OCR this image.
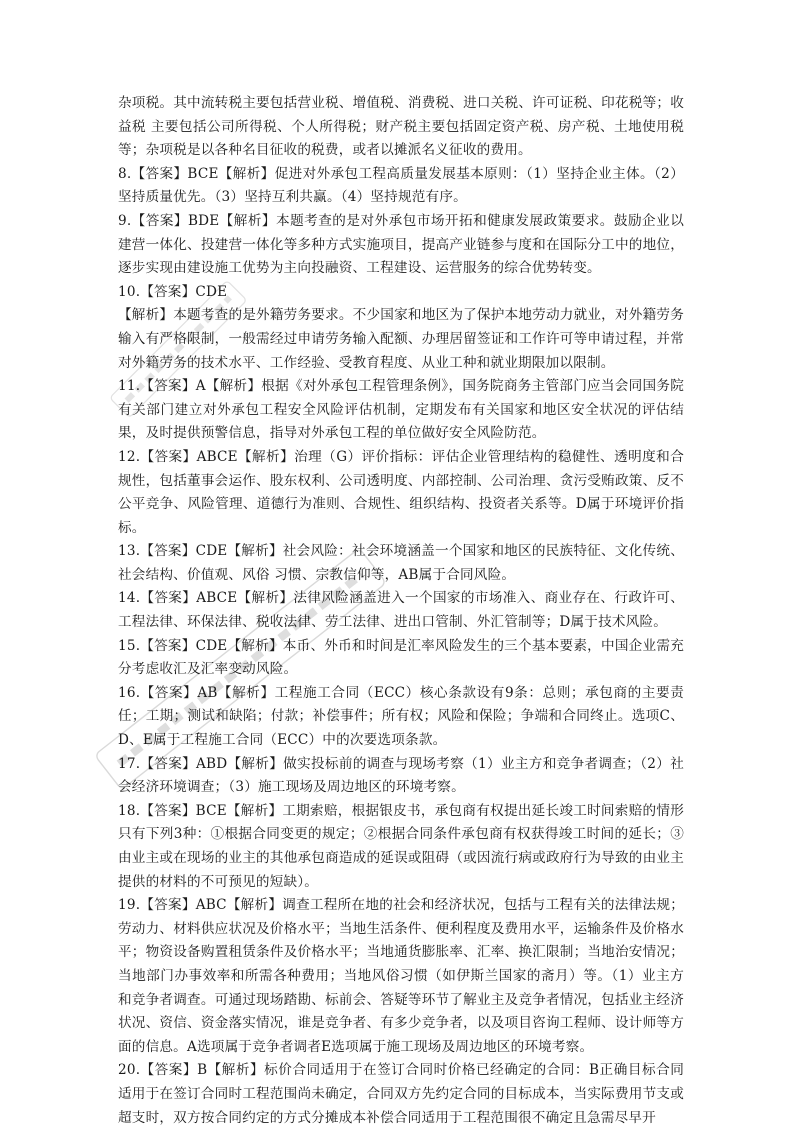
杂项税。其中流转税主要包括营业税、增值税、消费税、进口关税、许可证税、印花税等；收益税 主要包括公司所得税、个人所得税；财产税主要包括固定资产税、房产税、土地使用税等；杂项税是以各种名目征收的税费，或者以摊派名义征收的费用。

8.【答案】BCE【解析】促进对外承包工程高质量发展基本原则：（1）坚持企业主体。（2）坚持质量优先。（3）坚持互利共赢。（4）坚持规范有序。

9.【答案】BDE【解析】本题考查的是对外承包市场开拓和健康发展政策要求。鼓励企业以建营一体化、投建营一体化等多种方式实施项目，提高产业链参与度和在国际分工中的地位，逐步实现由建设施工优势为主向投融资、工程建设、运营服务的综合优势转变。

10.【答案】CDE

【解析】本题考查的是外籍劳务要求。不少国家和地区为了保护本地劳动力就业，对外籍劳务输入有严格限制，一般需经过申请劳务输入配额、办理居留签证和工作许可等申请过程，并常对外籍劳务的技术水平、工作经验、受教育程度、从业工种和就业期限加以限制。

11.【答案】A【解析】根据《对外承包工程管理条例》，国务院商务主管部门应当会同国务院有关部门建立对外承包工程安全风险评估机制，定期发布有关国家和地区安全状况的评估结果，及时提供预警信息，指导对外承包工程的单位做好安全风险防范。

12.【答案】ABCE【解析】治理（G）评价指标：评估企业管理结构的稳健性、透明度和合规性，包括董事会运作、股东权利、公司透明度、内部控制、公司治理、贪污受贿政策、反不公平竞争、风险管理、道德行为准则、合规性、组织结构、投资者关系等。D属于环境评价指标。

13.【答案】CDE【解析】社会风险：社会环境涵盖一个国家和地区的民族特征、文化传统、社会结构、价值观、风俗 习惯、宗教信仰等，AB属于合同风险。

14.【答案】ABCE【解析】法律风险涵盖进入一个国家的市场准入、商业存在、行政许可、工程法律、环保法律、税收法律、劳工法律、进出口管制、外汇管制等；D属于技术风险。

15.【答案】CDE【解析】本币、外币和时间是汇率风险发生的三个基本要素，中国企业需充分考虑收汇及汇率变动风险。

16.【答案】AB【解析】工程施工合同（ECC）核心条款设有9条：总则；承包商的主要责任；工期；测试和缺陷；付款；补偿事件；所有权；风险和保险；争端和合同终止。选项C、D、E属于工程施工合同（ECC）中的次要选项条款。

17.【答案】ABD【解析】做实投标前的调查与现场考察（1）业主方和竞争者调查；（2）社会经济环境调查；（3）施工现场及周边地区的环境考察。

18.【答案】BCE【解析】工期索赔，根据银皮书，承包商有权提出延长竣工时间索赔的情形只有下列3种：①根据合同变更的规定；②根据合同条件承包商有权获得竣工时间的延长；③由业主或在现场的业主的其他承包商造成的延误或阻碍（或因流行病或政府行为导致的由业主提供的材料的不可预见的短缺）。

19.【答案】ABC【解析】调查工程所在地的社会和经济状况，包括与工程有关的法律法规；劳动力、材料供应状况及价格水平；当地生活条件、便利程度及费用水平，运输条件及价格水平；物资设备购置租赁条件及价格水平；当地通货膨胀率、汇率、换汇限制；当地治安情况；当地部门办事效率和所需各种费用；当地风俗习惯（如伊斯兰国家的斋月）等。（1）业主方和竞争者调查。可通过现场踏勘、标前会、答疑等环节了解业主及竞争者情况，包括业主经济状况、资信、资金落实情况，谁是竞争者、有多少竞争者，以及项目咨询工程师、设计师等方面的信息。A选项属于竞争者调者E选项属于施工现场及周边地区的环境考察。

20.【答案】B【解析】标价合同适用于在签订合同时价格已经确定的合同：B正确目标合同适用于在签订合同时工程范围尚未确定，合同双方先约定合同的目标成本，当实际费用节支或超支时，双方按合同约定的方式分摊成本补偿合同适用于工程范围很不确定且急需尽早开
